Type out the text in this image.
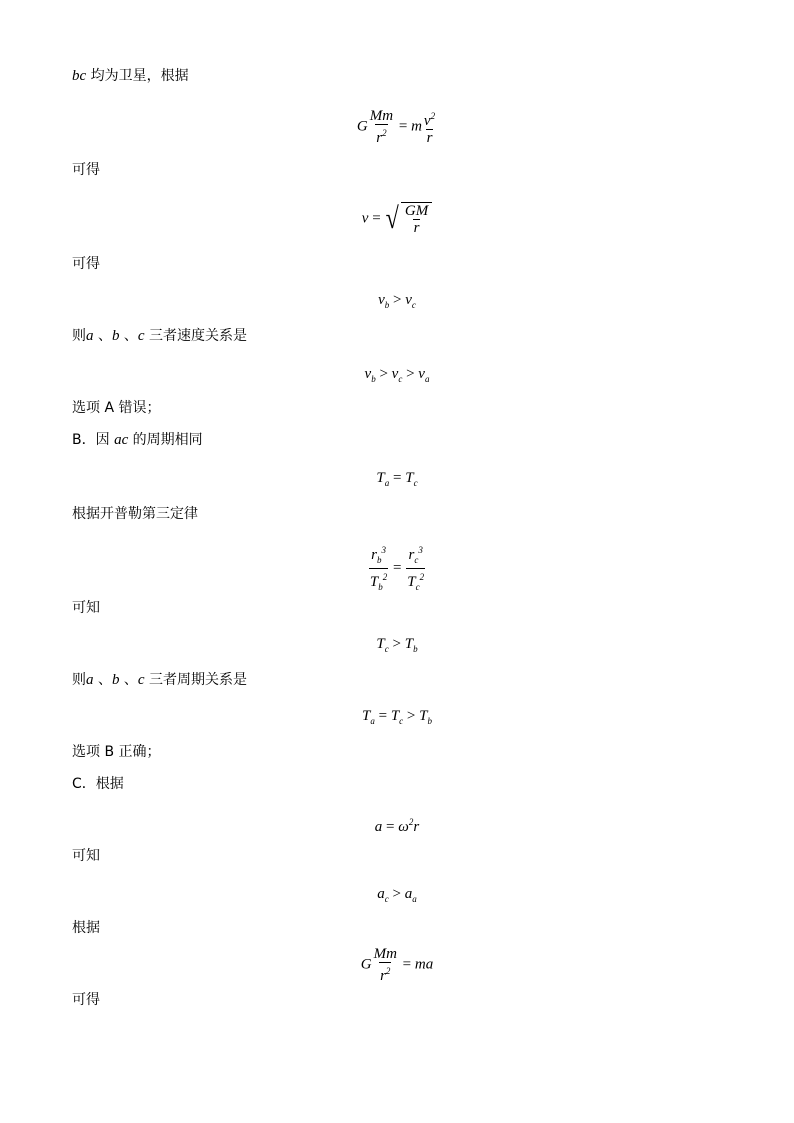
bc 均为卫星，根据
G $\frac{Mm}{r^2} = m \frac{v^2}{r}$
可得
v = √ $\frac{GM}{r}$
可得
$v_b > v_c$
则a 、b 、c 三者速度关系是
$v_b > v_c > v_a$
选项 A 错误；
B．因 ac 的周期相同
$T_a = T_c$
根据开普勒第三定律
$\frac{r_b^3}{T_b^2} = \frac{r_c^3}{T_c^2}$
可知
$T_c > T_b$
则a 、b 、c 三者周期关系是
$T_a = T_c > T_b$
选项 B 正确；
C．根据
$a = \omega^2r$
可知
$a_c > a_a$
根据
G $\frac{Mm}{r^2}$ = ma
可得
